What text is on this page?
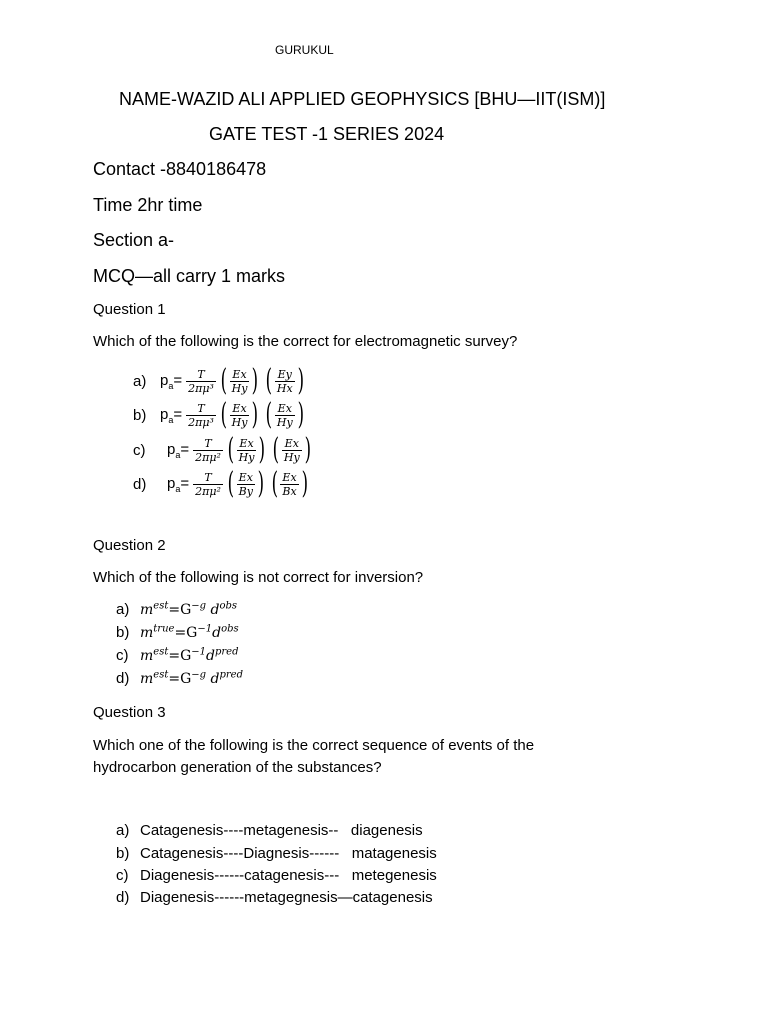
GURUKUL
NAME-WAZID ALI APPLIED GEOPHYSICS [BHU—IIT(ISM)]
GATE TEST -1 SERIES 2024
Contact -8840186478
Time 2hr time
Section a-
MCQ—all carry 1 marks
Question 1
Which of the following is the correct for electromagnetic survey?
a) $p_a= \frac{T}{\text{2πμ³}}$ ( $\frac{Ex}{Hy}$ ) ( $\frac{Ey}{Hx}$ )
b) $p_a= \frac{T}{\text{2πμ³}}$ ( $\frac{Ex}{Hy}$ ) ( $\frac{Ex}{Hy}$ )
c)	$p_a= \frac{T}{\text{2πμ²}}$ ( $\frac{Ex}{Hy}$ ) ( $\frac{Ex}{Hy}$ )
d)	$p_a= \frac{T}{\text{2πμ²}}$ ( $\frac{Ex}{By}$ ) ( $\frac{Ex}{Bx}$ )
Question 2
Which of the following is not correct for inversion?
a) $m^{est}=G^{-g}$ $d^{obs}$
b) $m^{true}=G^{-1}d^{obs}$
c) $m^{est}=G^{-1}d^{pred}$
d) $m^{est}=G^{-g}$ $d^{pred}$
Question 3
Which one of the following is the correct sequence of events of the hydrocarbon generation of the substances?
a) Catagenesis----metagenesis--   diagenesis
b) Catagenesis----Diagnesis------   matagenesis
c) Diagenesis------catagenesis---   metegenesis
d) Diagenesis------metagegnesis—catagenesis
